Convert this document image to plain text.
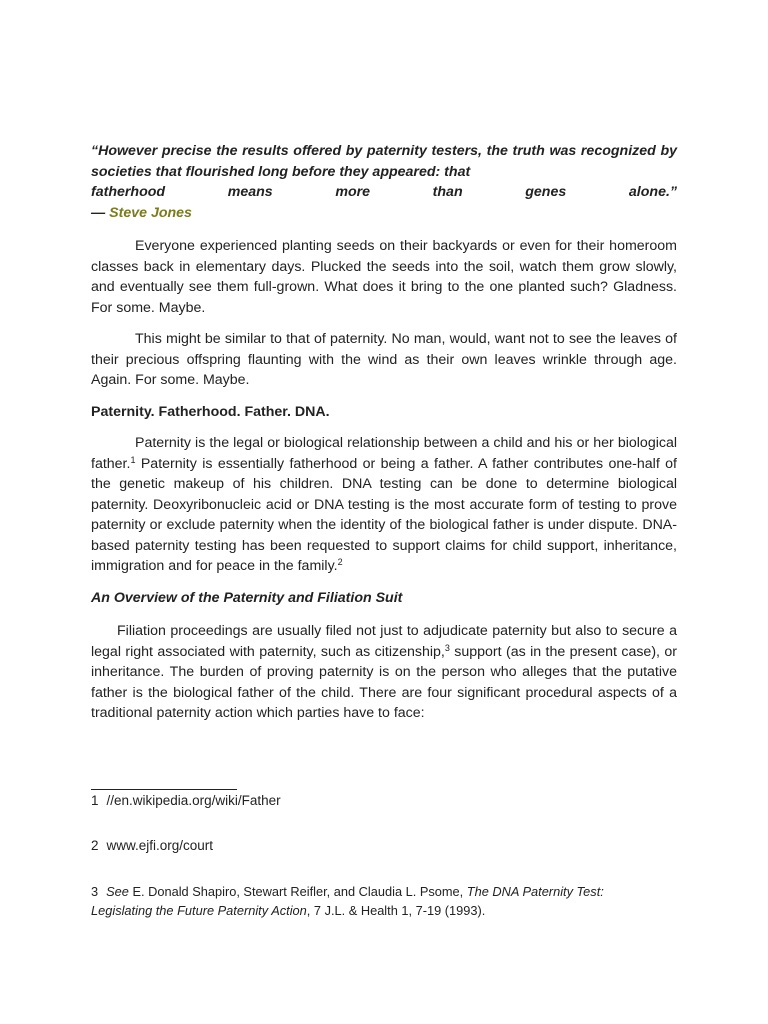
“However precise the results offered by paternity testers, the truth was recognized by societies that flourished long before they appeared: that
fatherhood means more than genes alone.”

— Steve Jones

Everyone experienced planting seeds on their backyards or even for their homeroom classes back in elementary days. Plucked the seeds into the soil, watch them grow slowly, and eventually see them full-grown. What does it bring to the one planted such? Gladness. For some. Maybe.

This might be similar to that of paternity. No man, would, want not to see the leaves of their precious offspring flaunting with the wind as their own leaves wrinkle through age. Again. For some. Maybe.

Paternity. Fatherhood. Father. DNA.

Paternity is the legal or biological relationship between a child and his or her biological father.$^1$ Paternity is essentially fatherhood or being a father. A father contributes one-half of the genetic makeup of his children. DNA testing can be done to determine biological paternity. Deoxyribonucleic acid or DNA testing is the most accurate form of testing to prove paternity or exclude paternity when the identity of the biological father is under dispute. DNA-based paternity testing has been requested to support claims for child support, inheritance, immigration and for peace in the family.$^2$

An Overview of the Paternity and Filiation Suit

Filiation proceedings are usually filed not just to adjudicate paternity but also to secure a legal right associated with paternity, such as citizenship,$^3$ support (as in the present case), or inheritance. The burden of proving paternity is on the person who alleges that the putative father is the biological father of the child. There are four significant procedural aspects of a traditional paternity action which parties have to face:

1 //en.wikipedia.org/wiki/Father
2 www.ejfi.org/court
3 See E. Donald Shapiro, Stewart Reifler, and Claudia L. Psome, The DNA Paternity Test: Legislating the Future Paternity Action, 7 J.L. & Health 1, 7-19 (1993).
